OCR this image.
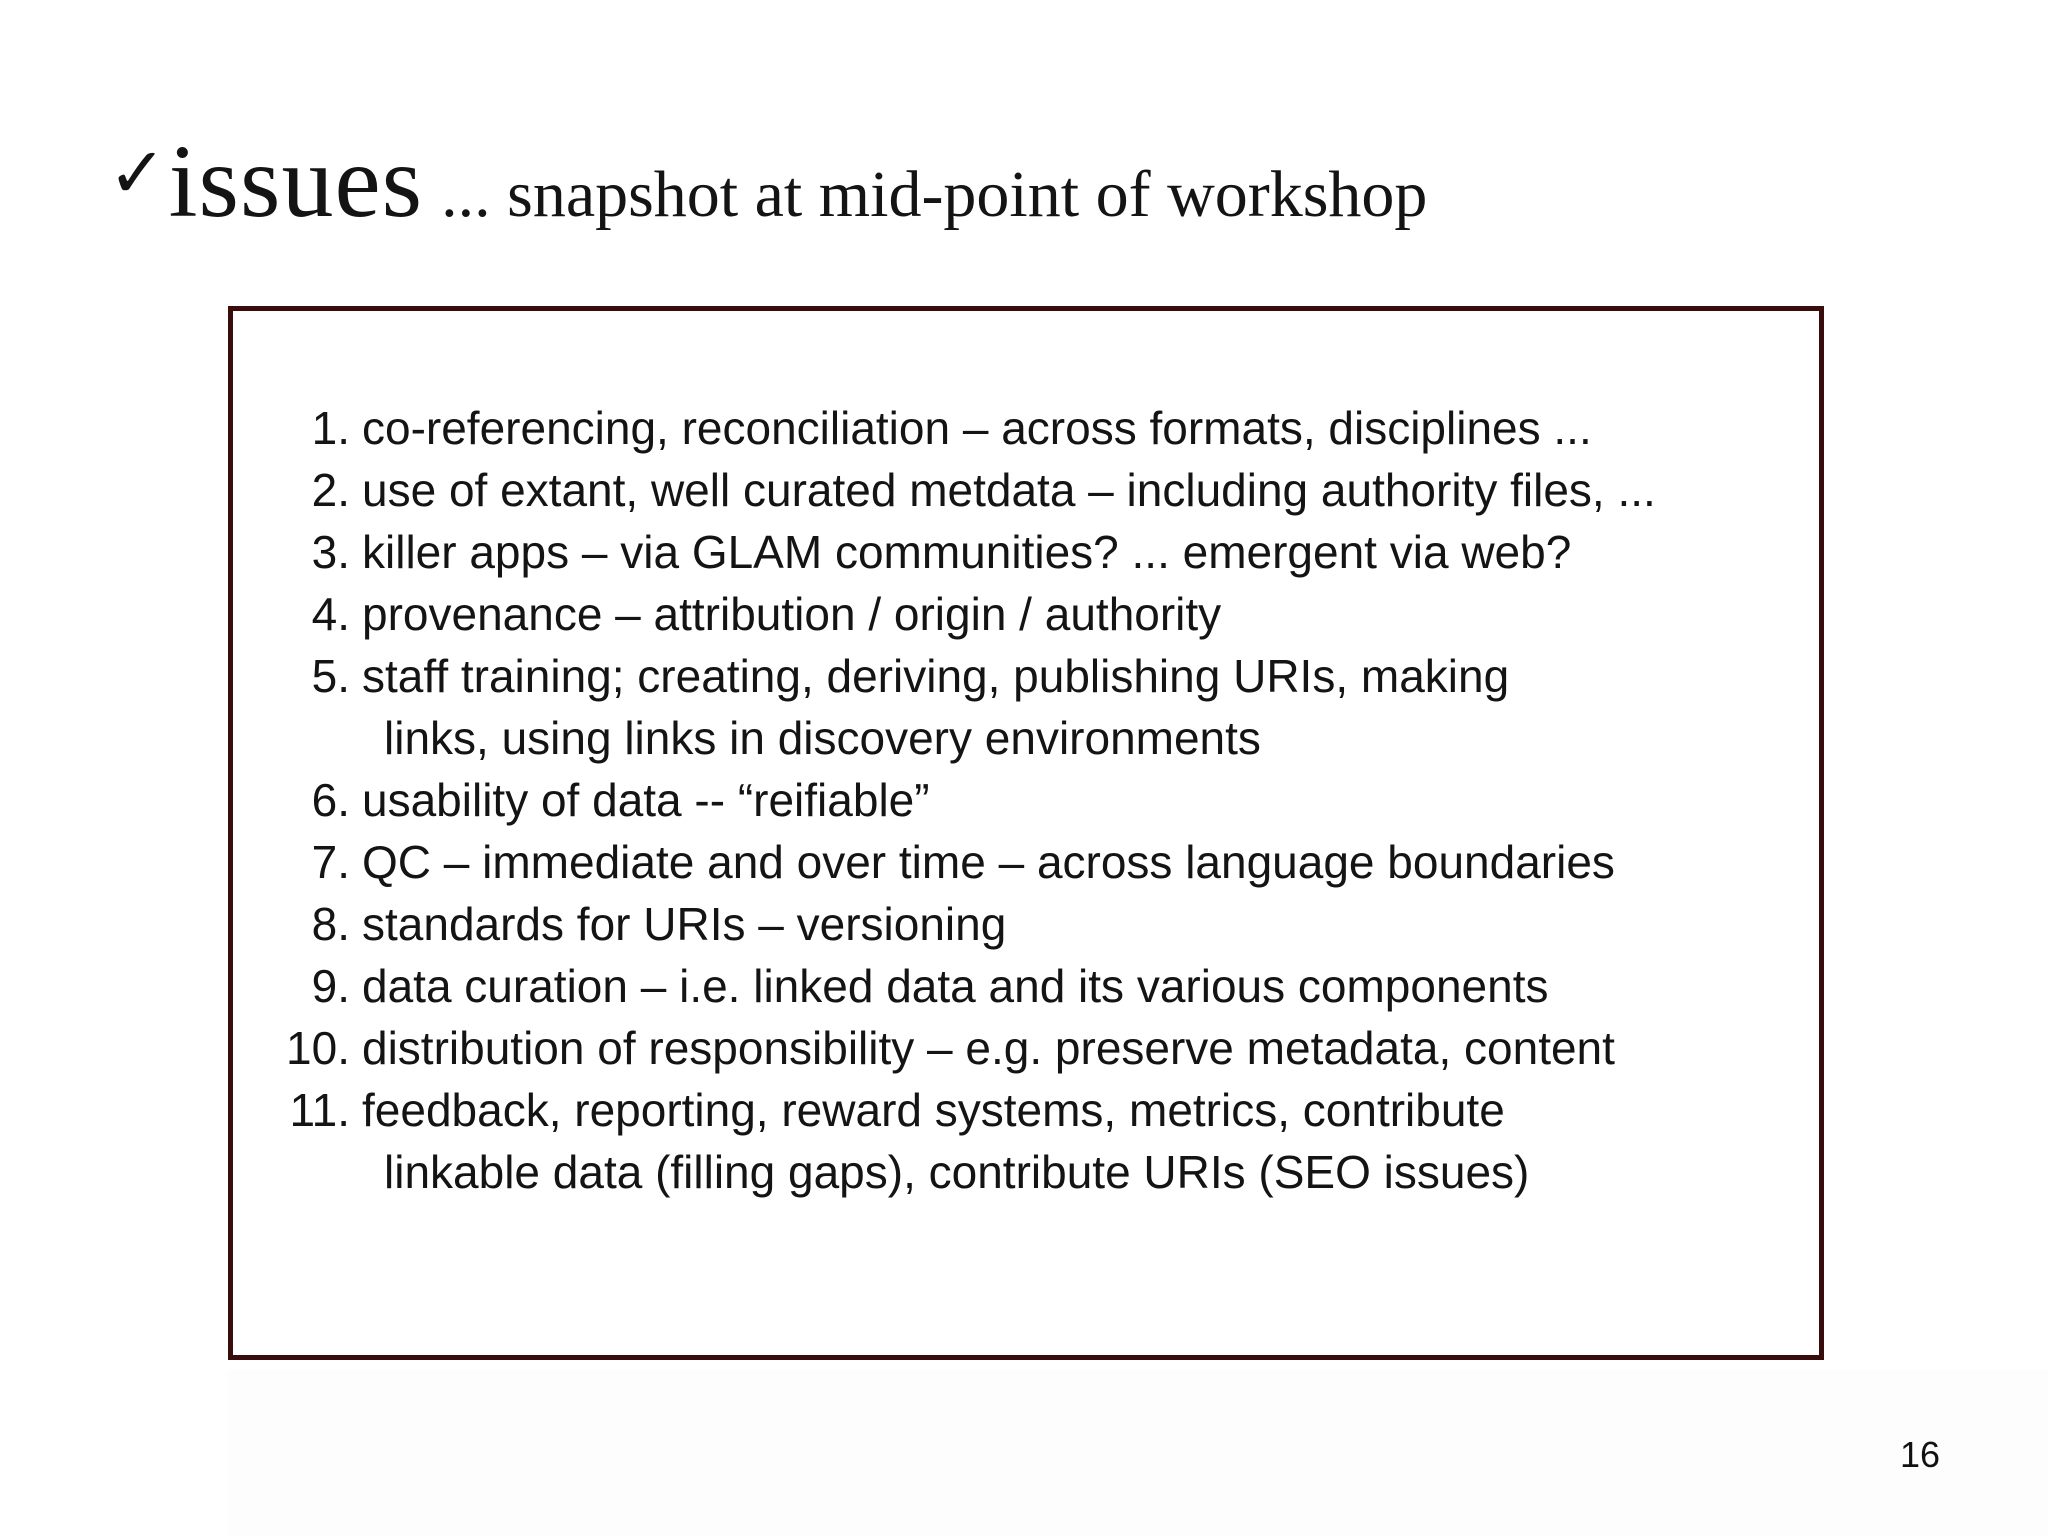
✓issues ... snapshot at mid-point of workshop
1. co-referencing, reconciliation – across formats, disciplines ...
2. use of extant, well curated metdata – including authority files, ...
3. killer apps – via GLAM communities? ... emergent via web?
4. provenance – attribution / origin / authority
5. staff training; creating, deriving, publishing URIs, making
links, using links in discovery environments
6. usability of data -- “reifiable”
7. QC – immediate and over time – across language boundaries
8. standards for URIs – versioning
9. data curation – i.e. linked data and its various components
10. distribution of responsibility – e.g. preserve metadata, content
11. feedback, reporting, reward systems, metrics, contribute
linkable data (filling gaps), contribute URIs (SEO issues)
16
